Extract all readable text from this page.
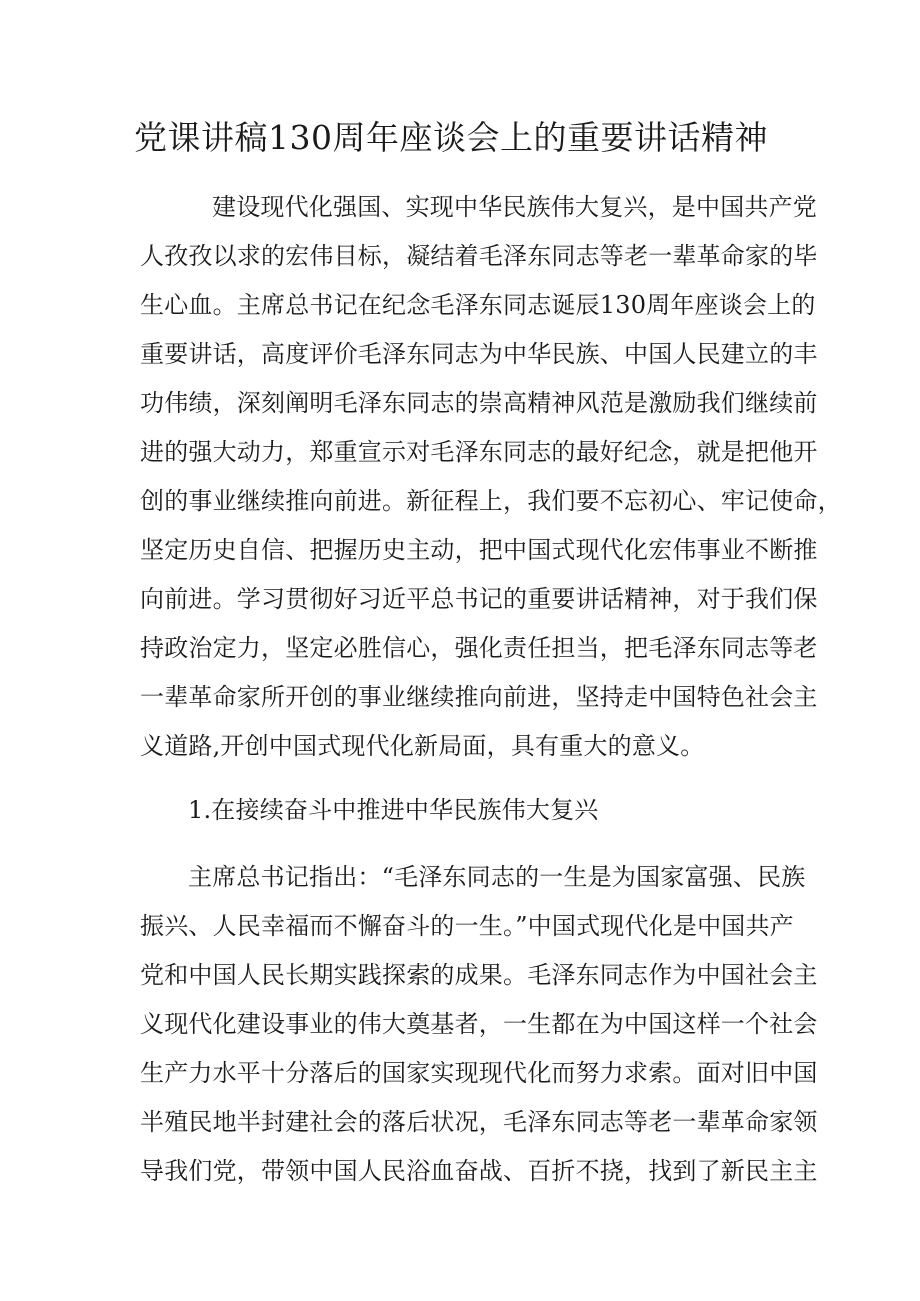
党课讲稿130周年座谈会上的重要讲话精神
建设现代化强国、实现中华民族伟大复兴，是中国共产党
人孜孜以求的宏伟目标，凝结着毛泽东同志等老一辈革命家的毕
生心血。主席总书记在纪念毛泽东同志诞辰130周年座谈会上的
重要讲话，高度评价毛泽东同志为中华民族、中国人民建立的丰
功伟绩，深刻阐明毛泽东同志的崇高精神风范是激励我们继续前
进的强大动力，郑重宣示对毛泽东同志的最好纪念，就是把他开
创的事业继续推向前进。新征程上，我们要不忘初心、牢记使命，
坚定历史自信、把握历史主动，把中国式现代化宏伟事业不断推
向前进。学习贯彻好习近平总书记的重要讲话精神，对于我们保
持政治定力，坚定必胜信心，强化责任担当，把毛泽东同志等老
一辈革命家所开创的事业继续推向前进，坚持走中国特色社会主
义道路,开创中国式现代化新局面，具有重大的意义。
1.在接续奋斗中推进中华民族伟大复兴
主席总书记指出：“毛泽东同志的一生是为国家富强、民族
振兴、人民幸福而不懈奋斗的一生。”中国式现代化是中国共产
党和中国人民长期实践探索的成果。毛泽东同志作为中国社会主
义现代化建设事业的伟大奠基者，一生都在为中国这样一个社会
生产力水平十分落后的国家实现现代化而努力求索。面对旧中国
半殖民地半封建社会的落后状况，毛泽东同志等老一辈革命家领
导我们党，带领中国人民浴血奋战、百折不挠，找到了新民主主
